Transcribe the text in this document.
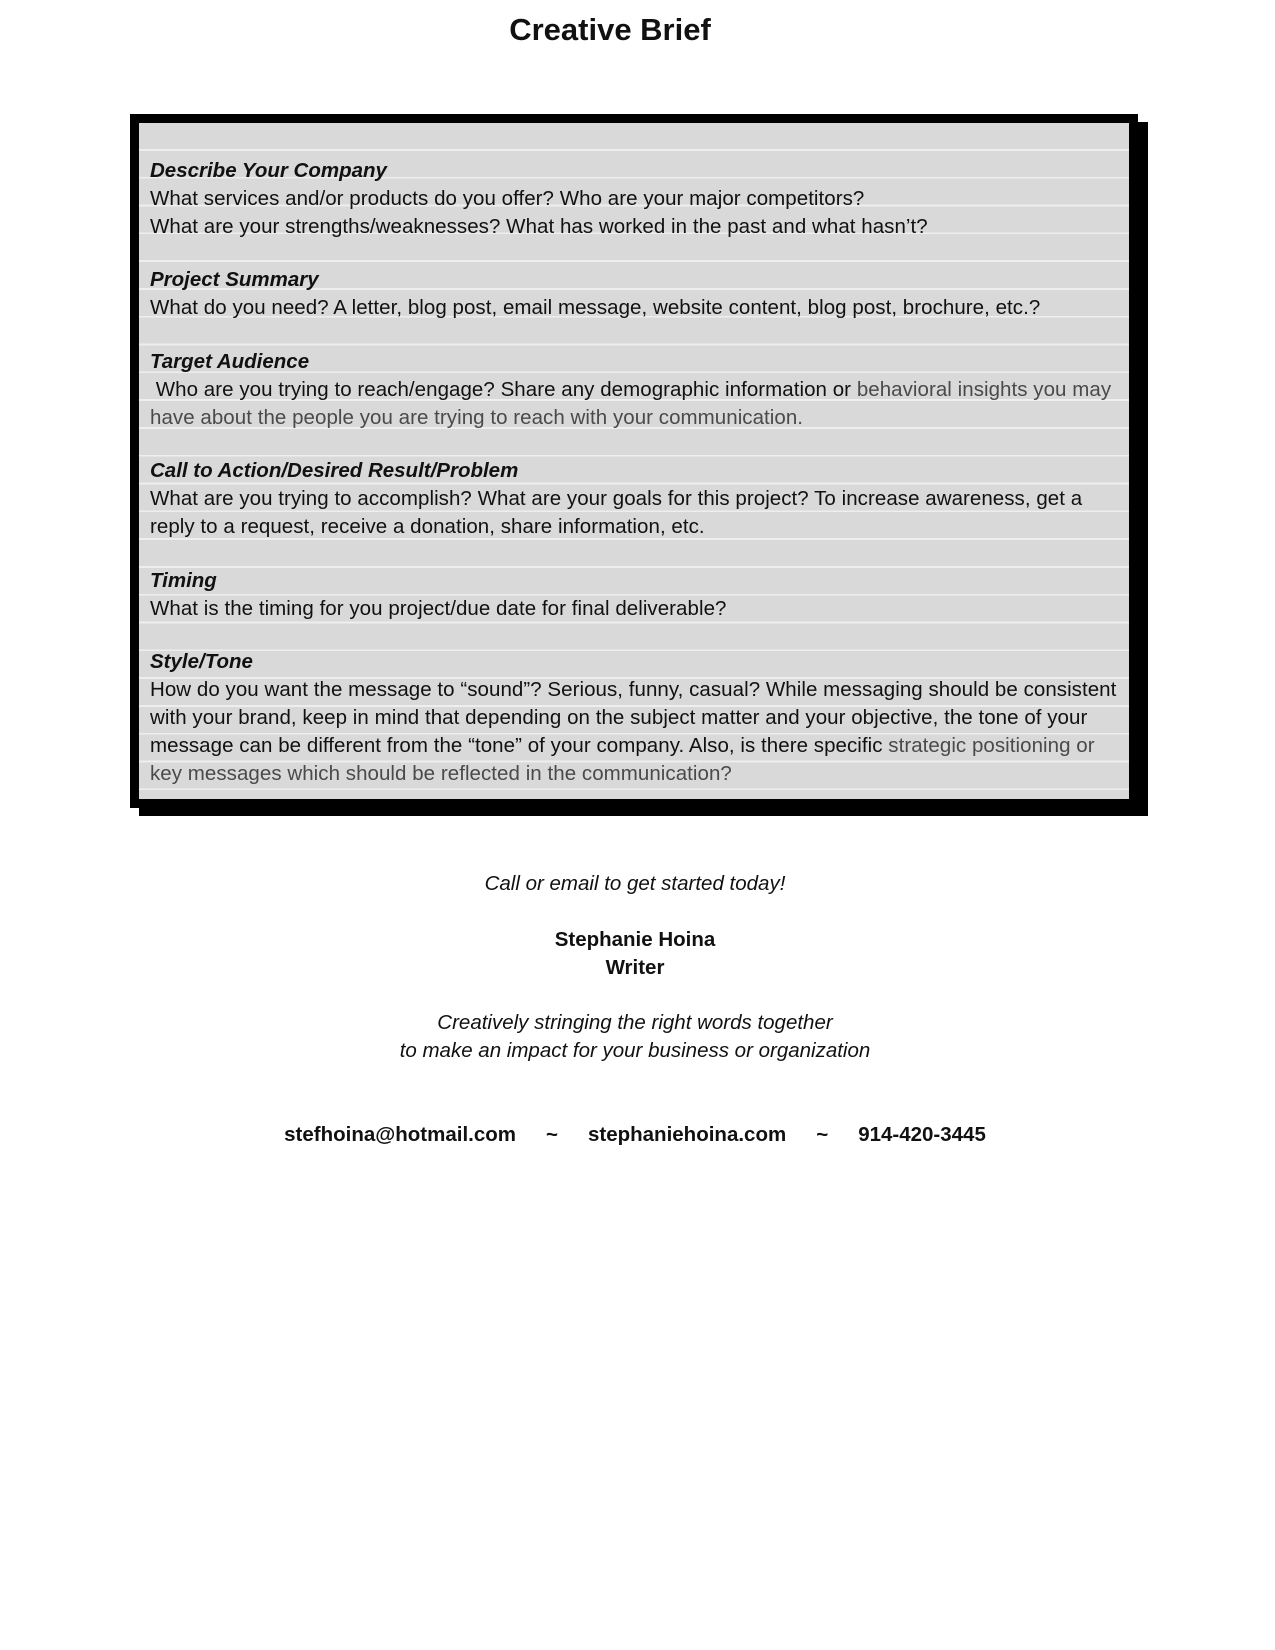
Creative Brief

Describe Your Company

What services and/or products do you offer? Who are your major competitors?

What are your strengths/weaknesses? What has worked in the past and what hasn’t?

Project Summary

What do you need? A letter, blog post, email message, website content, blog post, brochure, etc.?

Target Audience

Who are you trying to reach/engage? Share any demographic information or behavioral insights you may have about the people you are trying to reach with your communication.

Call to Action/Desired Result/Problem

What are you trying to accomplish? What are your goals for this project? To increase awareness, get a reply to a request, receive a donation, share information, etc.

Timing

What is the timing for you project/due date for final deliverable?

Style/Tone

How do you want the message to “sound”? Serious, funny, casual? While messaging should be consistent with your brand, keep in mind that depending on the subject matter and your objective, the tone of your message can be different from the “tone” of your company. Also, is there specific strategic positioning or key messages which should be reflected in the communication?

Call or email to get started today!

Stephanie Hoina

Writer

Creatively stringing the right words together

to make an impact for your business or organization

stefhoina@hotmail.com ~ stephaniehoina.com ~ 914-420-3445
